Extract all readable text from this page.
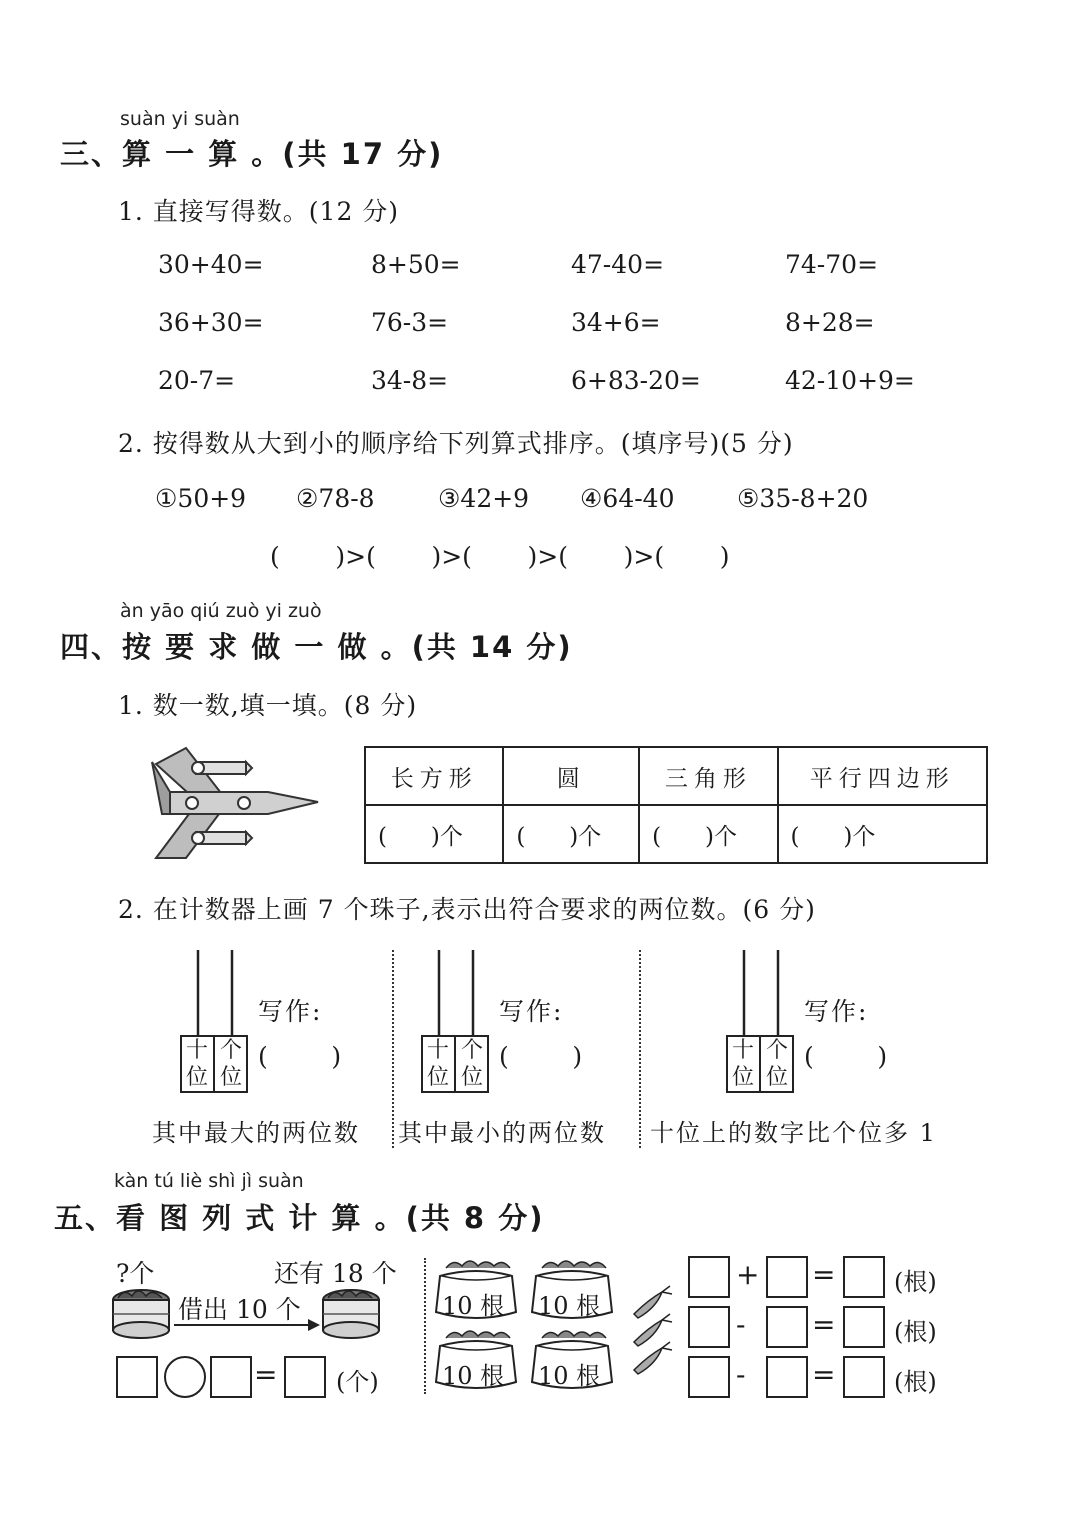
suàn yi suàn
三、算 一 算 。(共 17 分)
1. 直接写得数。(12 分)
30+40=	8+50=	47-40=	74-70=
36+30=	76-3=	34+6=	8+28=
20-7=	34-8=	6+83-20=	42-10+9=
2. 按得数从大到小的顺序给下列算式排序。(填序号)(5 分)
①50+9 ②78-8	③42+9 ④64-40	⑤35-8+20
(       )>(       )>(       )>(       )>(       )
àn yāo qiú zuò yi zuò
四、按 要 求 做 一 做 。(共 14 分)
1. 数一数,填一填。(8 分)
长方形	圆	三角形	平行四边形
(      )个	(      )个	(      )个	(      )个
2. 在计数器上画 7 个珠子,表示出符合要求的两位数。(6 分)
十位
个位
写作:
(        )	十位
个位
写作:
(        )	十位
个位
写作:
(        )
其中最大的两位数 其中最小的两位数 十位上的数字比个位多 1
kàn tú liè shì jì suàn
五、看 图 列 式 计 算 。(共 8 分)
?个	还有 18 个
借出 10 个
= (个)
10 根 10 根
10 根 10 根
+ = (根)
- = (根)
- = (根)
